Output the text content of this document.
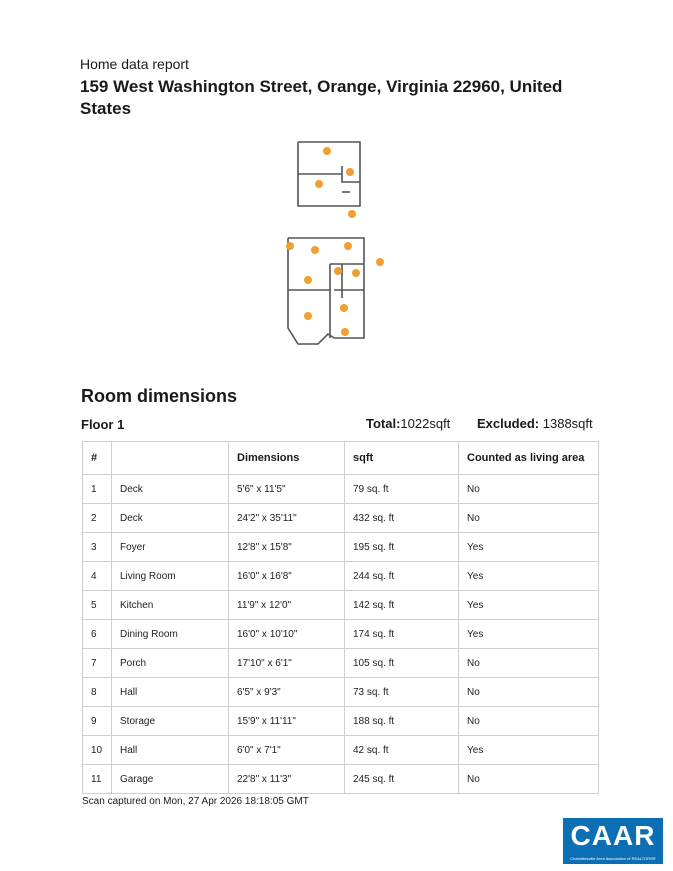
Home data report
159 West Washington Street, Orange, Virginia 22960, United States
Room dimensions
Floor 1	Total:1022sqft Excluded: 1388sqft
#		Dimensions	sqft	Counted as living area
1	Deck	5'6" x 11'5"	79 sq. ft	No
2	Deck	24'2" x 35'11"	432 sq. ft	No
3	Foyer	12'8" x 15'8"	195 sq. ft	Yes
4	Living Room	16'0" x 16'8"	244 sq. ft	Yes
5	Kitchen	11'9" x 12'0"	142 sq. ft	Yes
6	Dining Room	16'0" x 10'10"	174 sq. ft	Yes
7	Porch	17'10" x 6'1"	105 sq. ft	No
8	Hall	6'5" x 9'3"	73 sq. ft	No
9	Storage	15'9" x 11'11"	188 sq. ft	No
10	Hall	6'0" x 7'1"	42 sq. ft	Yes
11	Garage	22'8" x 11'3"	245 sq. ft	No
Scan captured on Mon, 27 Apr 2026 18:18:05 GMT
CAAR
Charlottesville Area Association of REALTORS®
